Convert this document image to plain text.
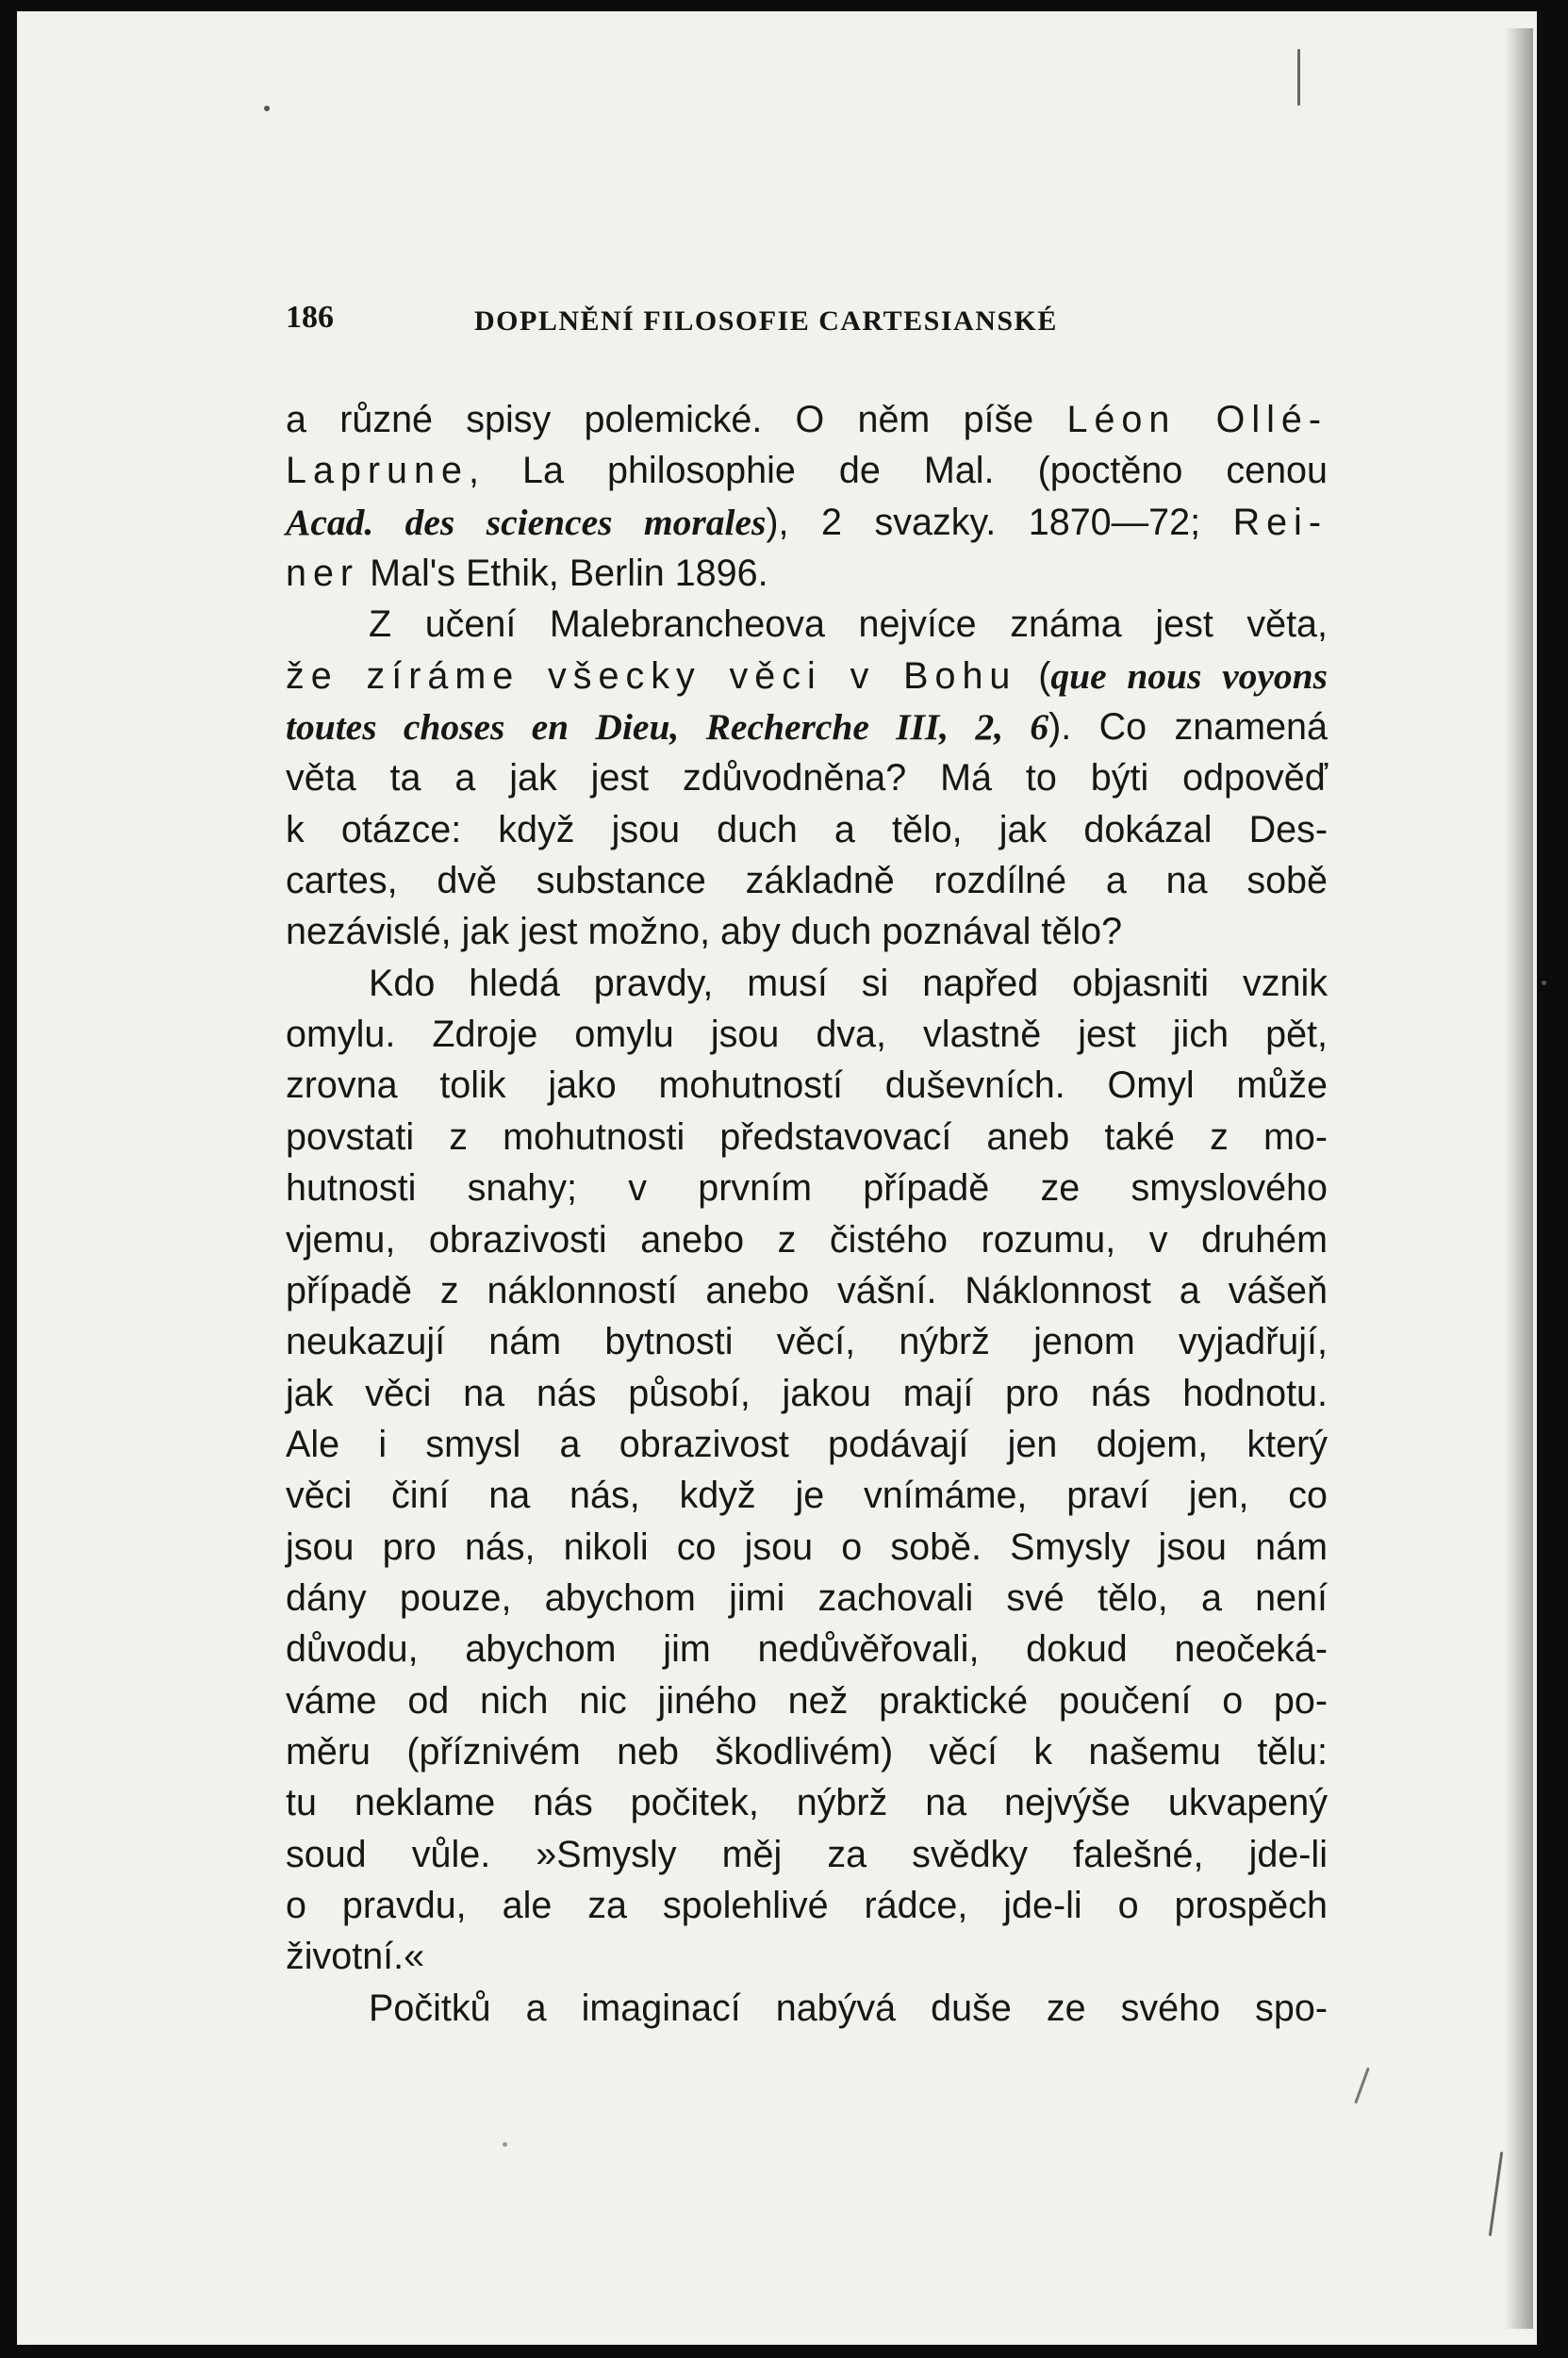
186	DOPLNĚNÍ FILOSOFIE CARTESIANSKÉ
a různé spisy polemické. O něm píše Léon Ollé-
Laprune, La philosophie de Mal. (poctěno cenou
Acad. des sciences morales), 2 svazky. 1870—72; Rei-
ner Mal's Ethik, Berlin 1896.
Z učení Malebrancheova nejvíce známa jest věta,
že zíráme všecky věci v Bohu (que nous voyons
toutes choses en Dieu, Recherche III, 2, 6). Co znamená
věta ta a jak jest zdůvodněna? Má to býti odpověď
k otázce: když jsou duch a tělo, jak dokázal Des-
cartes, dvě substance základně rozdílné a na sobě
nezávislé, jak jest možno, aby duch poznával tělo?
Kdo hledá pravdy, musí si napřed objasniti vznik
omylu. Zdroje omylu jsou dva, vlastně jest jich pět,
zrovna tolik jako mohutností duševních. Omyl může
povstati z mohutnosti představovací aneb také z mo-
hutnosti snahy; v prvním případě ze smyslového
vjemu, obrazivosti anebo z čistého rozumu, v druhém
případě z náklonností anebo vášní. Náklonnost a vášeň
neukazují nám bytnosti věcí, nýbrž jenom vyjadřují,
jak věci na nás působí, jakou mají pro nás hodnotu.
Ale i smysl a obrazivost podávají jen dojem, který
věci činí na nás, když je vnímáme, praví jen, co
jsou pro nás, nikoli co jsou o sobě. Smysly jsou nám
dány pouze, abychom jimi zachovali své tělo, a není
důvodu, abychom jim nedůvěřovali, dokud neočeká-
váme od nich nic jiného než praktické poučení o po-
měru (příznivém neb škodlivém) věcí k našemu tělu:
tu neklame nás počitek, nýbrž na nejvýše ukvapený
soud vůle. »Smysly měj za svědky falešné, jde-li
o pravdu, ale za spolehlivé rádce, jde-li o prospěch
životní.«
Počitků a imaginací nabývá duše ze svého spo-
